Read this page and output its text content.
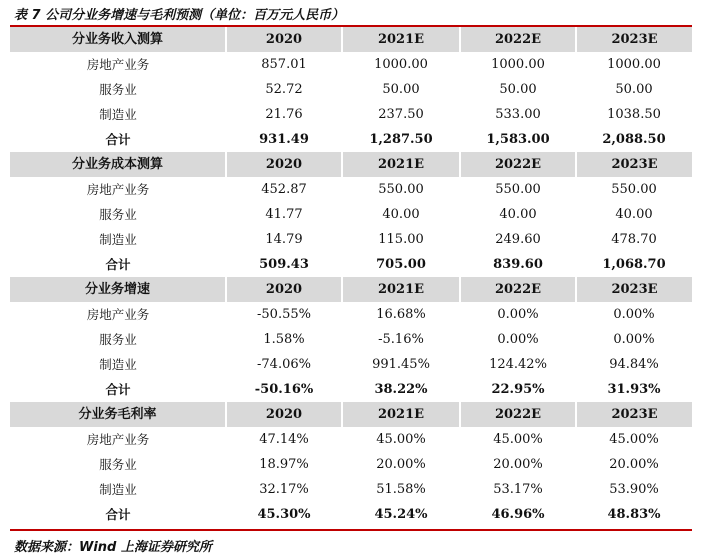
表 7 公司分业务增速与毛利预测（单位：百万元人民币）
分业务收入测算	2020	2021E	2022E	2023E
房地产业务	857.01	1000.00	1000.00	1000.00
服务业	52.72	50.00	50.00	50.00
制造业	21.76	237.50	533.00	1038.50
合计	931.49	1,287.50	1,583.00	2,088.50
分业务成本测算	2020	2021E	2022E	2023E
房地产业务	452.87	550.00	550.00	550.00
服务业	41.77	40.00	40.00	40.00
制造业	14.79	115.00	249.60	478.70
合计	509.43	705.00	839.60	1,068.70
分业务增速	2020	2021E	2022E	2023E
房地产业务	-50.55%	16.68%	0.00%	0.00%
服务业	1.58%	-5.16%	0.00%	0.00%
制造业	-74.06%	991.45%	124.42%	94.84%
合计	-50.16%	38.22%	22.95%	31.93%
分业务毛利率	2020	2021E	2022E	2023E
房地产业务	47.14%	45.00%	45.00%	45.00%
服务业	18.97%	20.00%	20.00%	20.00%
制造业	32.17%	51.58%	53.17%	53.90%
合计	45.30%	45.24%	46.96%	48.83%
数据来源：Wind 上海证券研究所
